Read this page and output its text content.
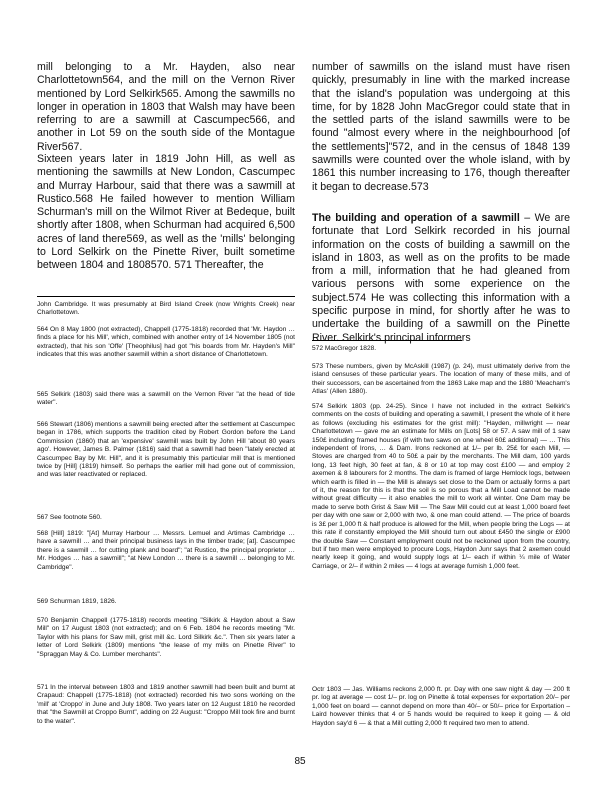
mill belonging to a Mr. Hayden, also near Charlottetown564, and the mill on the Vernon River mentioned by Lord Selkirk565. Among the sawmills no longer in operation in 1803 that Walsh may have been referring to are a sawmill at Cascumpec566, and another in Lot 59 on the south side of the Montague River567.

Sixteen years later in 1819 John Hill, as well as mentioning the sawmills at New London, Cascumpec and Murray Harbour, said that there was a sawmill at Rustico.568 He failed however to mention William Schurman's mill on the Wilmot River at Bedeque, built shortly after 1808, when Schurman had acquired 6,500 acres of land there569, as well as the 'mills' belonging to Lord Selkirk on the Pinette River, built sometime between 1804 and 1808570. 571 Thereafter, the

John Cambridge. It was presumably at Bird Island Creek (now Wrights Creek) near Charlottetown.

564 On 8 May 1800 (not extracted), Chappell (1775-1818) recorded that 'Mr. Haydon … finds a place for his Mill', which, combined with another entry of 14 November 1805 (not extracted), that his son 'Offe' [Theophilus] had got "his boards from Mr. Hayden's Mill" indicates that this was another sawmill within a short distance of Charlottetown.

565 Selkirk (1803) said there was a sawmill on the Vernon River "at the head of tide water".

566 Stewart (1806) mentions a sawmill being erected after the settlement at Cascumpec began in 1786, which supports the tradition cited by Robert Gordon before the Land Commission (1860) that an 'expensive' sawmill was built by John Hill 'about 80 years ago'. However, James B. Palmer (1816) said that a sawmill had been "lately erected at Cascumpec Bay by Mr. Hill", and it is presumably this particular mill that is mentioned twice by [Hill] (1819) himself. So perhaps the earlier mill had gone out of commission, and was later reactivated or replaced.

567 See footnote 560.

568 [Hill] 1819: "[At] Murray Harbour … Messrs. Lemuel and Artimas Cambridge … have a sawmill … and their principal business lays in the timber trade; [at]. Cascumpec there is a sawmill … for cutting plank and board"; "at Rustico, the principal proprietor … Mr. Hodges … has a sawmill"; "at New London … there is a sawmill … belonging to Mr. Cambridge".

569 Schurman 1819, 1826.

570 Benjamin Chappell (1775-1818) records meeting "Silkirk & Haydon about a Saw Mill" on 17 August 1803 (not extracted); and on 6 Feb. 1804 he records meeting "Mr. Taylor with his plans for Saw mill, grist mill &c. Lord Silkirk &c.". Then six years later a letter of Lord Selkirk (1809) mentions "the lease of my mills on Pinette River" to "Spraggan May & Co. Lumber merchants".

571 In the interval between 1803 and 1819 another sawmill had been built and burnt at Crapaud: Chappell (1775-1818) (not extracted) recorded his two sons working on the 'mill' at 'Croppo' in June and July 1808. Two years later on 12 August 1810 he recorded that "the Sawmill at Croppo Burnt", adding on 22 August: "Croppo Mill took fire and burnt to the water".

number of sawmills on the island must have risen quickly, presumably in line with the marked increase that the island's population was undergoing at this time, for by 1828 John MacGregor could state that in the settled parts of the island sawmills were to be found "almost every where in the neighbourhood [of the settlements]"572, and in the census of 1848 139 sawmills were counted over the whole island, with by 1861 this number increasing to 176, though thereafter it began to decrease.573

The building and operation of a sawmill – We are fortunate that Lord Selkirk recorded in his journal information on the costs of building a sawmill on the island in 1803, as well as on the profits to be made from a mill, information that he had gleaned from various persons with some experience on the subject.574 He was collecting this information with a specific purpose in mind, for shortly after he was to undertake the building of a sawmill on the Pinette River. Selkirk's principal informers

572 MacGregor 1828.

573 These numbers, given by McAskill (1987) (p. 24), must ultimately derive from the island censuses of these particular years. The location of many of these mills, and of their successors, can be ascertained from the 1863 Lake map and the 1880 'Meacham's Atlas' (Allen 1880).

574 Selkirk 1803 (pp. 24-25). Since I have not included in the extract Selkirk's comments on the costs of building and operating a sawmill, I present the whole of it here as follows (excluding his estimates for the grist mill): "Hayden, millwright — near Charlottetown — gave me an estimate for Mills on [Lots] 58 or 57. A saw mill of 1 saw 150£ including framed houses (if with two saws on one wheel 60£ additional) — … This independent of Irons, … & Dam. Irons reckoned at 1/– per lb. 25£ for each Mill, — Stoves are charged from 40 to 50£ a pair by the merchants. The Mill dam, 100 yards long, 13 feet high, 30 feet at fan, & 8 or 10 at top may cost £100 — and employ 2 axemen & 8 labourers for 2 months. The dam is framed of large Hemlock logs, between which earth is filled in — the Mill is always set close to the Dam or actually forms a part of it, the reason for this is that the soil is so porous that a Mill Load cannot be made without great difficulty — it also enables the mill to work all winter. One Dam may be made to serve both Grist & Saw Mill — The Saw Mill could cut at least 1,000 board feet per day with one saw or 2,000 with two, & one man could attend. — The price of boards is 3£ per 1,000 ft & half produce is allowed for the Mill, when people bring the Logs — at this rate if constantly employed the Mill should turn out about £450 the single or £900 the double Saw — Constant employment could not be reckoned upon from the country, but if two men were employed to procure Logs, Haydon Junr says that 2 axemen could nearly keep it going, and would supply logs at 1/– each if within ¼ mile of Water Carriage, or 2/– if within 2 miles — 4 logs at average furnish 1,000 feet.

Octr 1803 — Jas. Williams reckons 2,000 ft. pr. Day with one saw night & day — 200 ft pr. log at average — cost 1/– pr. log on Pinette & total expenses for exportation 20/– per 1,000 feet on board — cannot depend on more than 40/– or 50/– price for Exportation – Laird however thinks that 4 or 5 hands would be required to keep it going — & old Haydon say'd 6 — & that a Mill cutting 2,000 ft required two men to attend.

85
